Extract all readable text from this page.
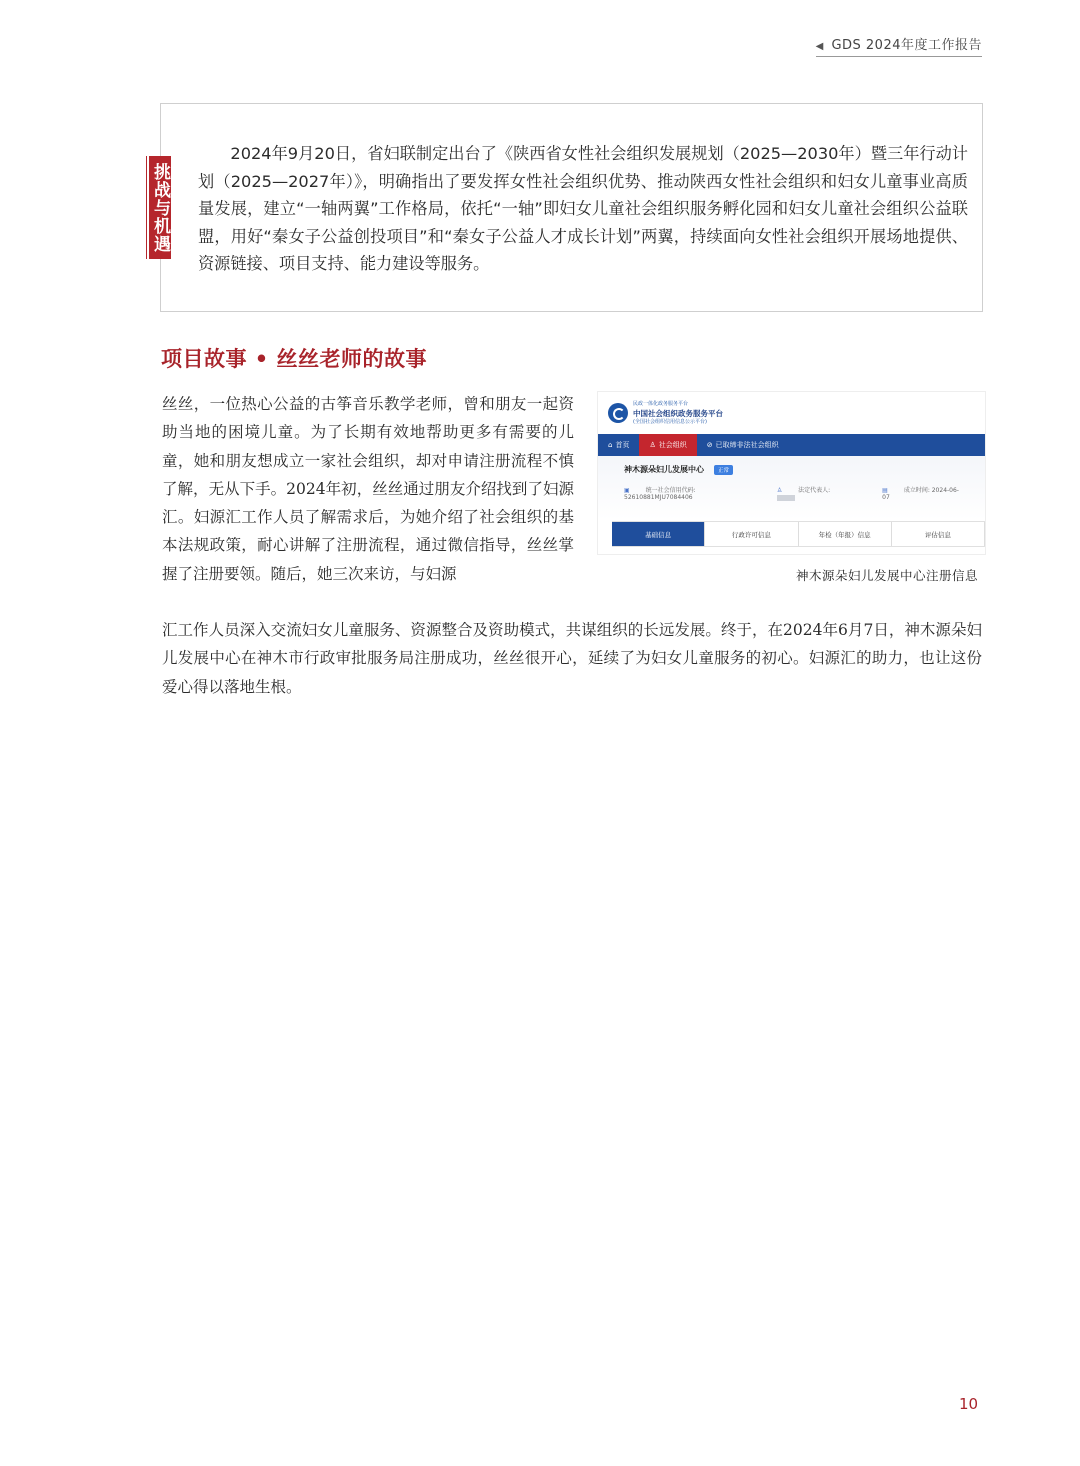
◀ GDS 2024年度工作报告
挑战与机遇

2024年9月20日，省妇联制定出台了《陕西省女性社会组织发展规划（2025—2030年）暨三年行动计划（2025—2027年）》，明确指出了要发挥女性社会组织优势、推动陕西女性社会组织和妇女儿童事业高质量发展，建立“一轴两翼”工作格局，依托“一轴”即妇女儿童社会组织服务孵化园和妇女儿童社会组织公益联盟，用好“秦女子公益创投项目”和“秦女子公益人才成长计划”两翼，持续面向女性社会组织开展场地提供、资源链接、项目支持、能力建设等服务。

项目故事 • 丝丝老师的故事

丝丝，一位热心公益的古筝音乐教学老师，曾和朋友一起资助当地的困境儿童。为了长期有效地帮助更多有需要的儿童，她和朋友想成立一家社会组织，却对申请注册流程不慎了解，无从下手。2024年初，丝丝通过朋友介绍找到了妇源汇。妇源汇工作人员了解需求后，为她介绍了社会组织的基本法规政策，耐心讲解了注册流程，通过微信指导，丝丝掌握了注册要领。随后，她三次来访，与妇源

民政一体化政务服务平台
中国社会组织政务服务平台
(全国社会组织信用信息公示平台)
⌂ 首页	♙ 社会组织	⊘ 已取缔非法社会组织
神木源朵妇儿发展中心	正常
▣	统一社会信用代码: 52610881MJU7084406
♙	法定代表人:	▤	成立时间: 2024-06-07
基础信息	行政许可信息	年检（年报）信息	评估信息

神木源朵妇儿发展中心注册信息

汇工作人员深入交流妇女儿童服务、资源整合及资助模式，共谋组织的长远发展。终于，在2024年6月7日，神木源朵妇儿发展中心在神木市行政审批服务局注册成功，丝丝很开心，延续了为妇女儿童服务的初心。妇源汇的助力，也让这份爱心得以落地生根。

10
